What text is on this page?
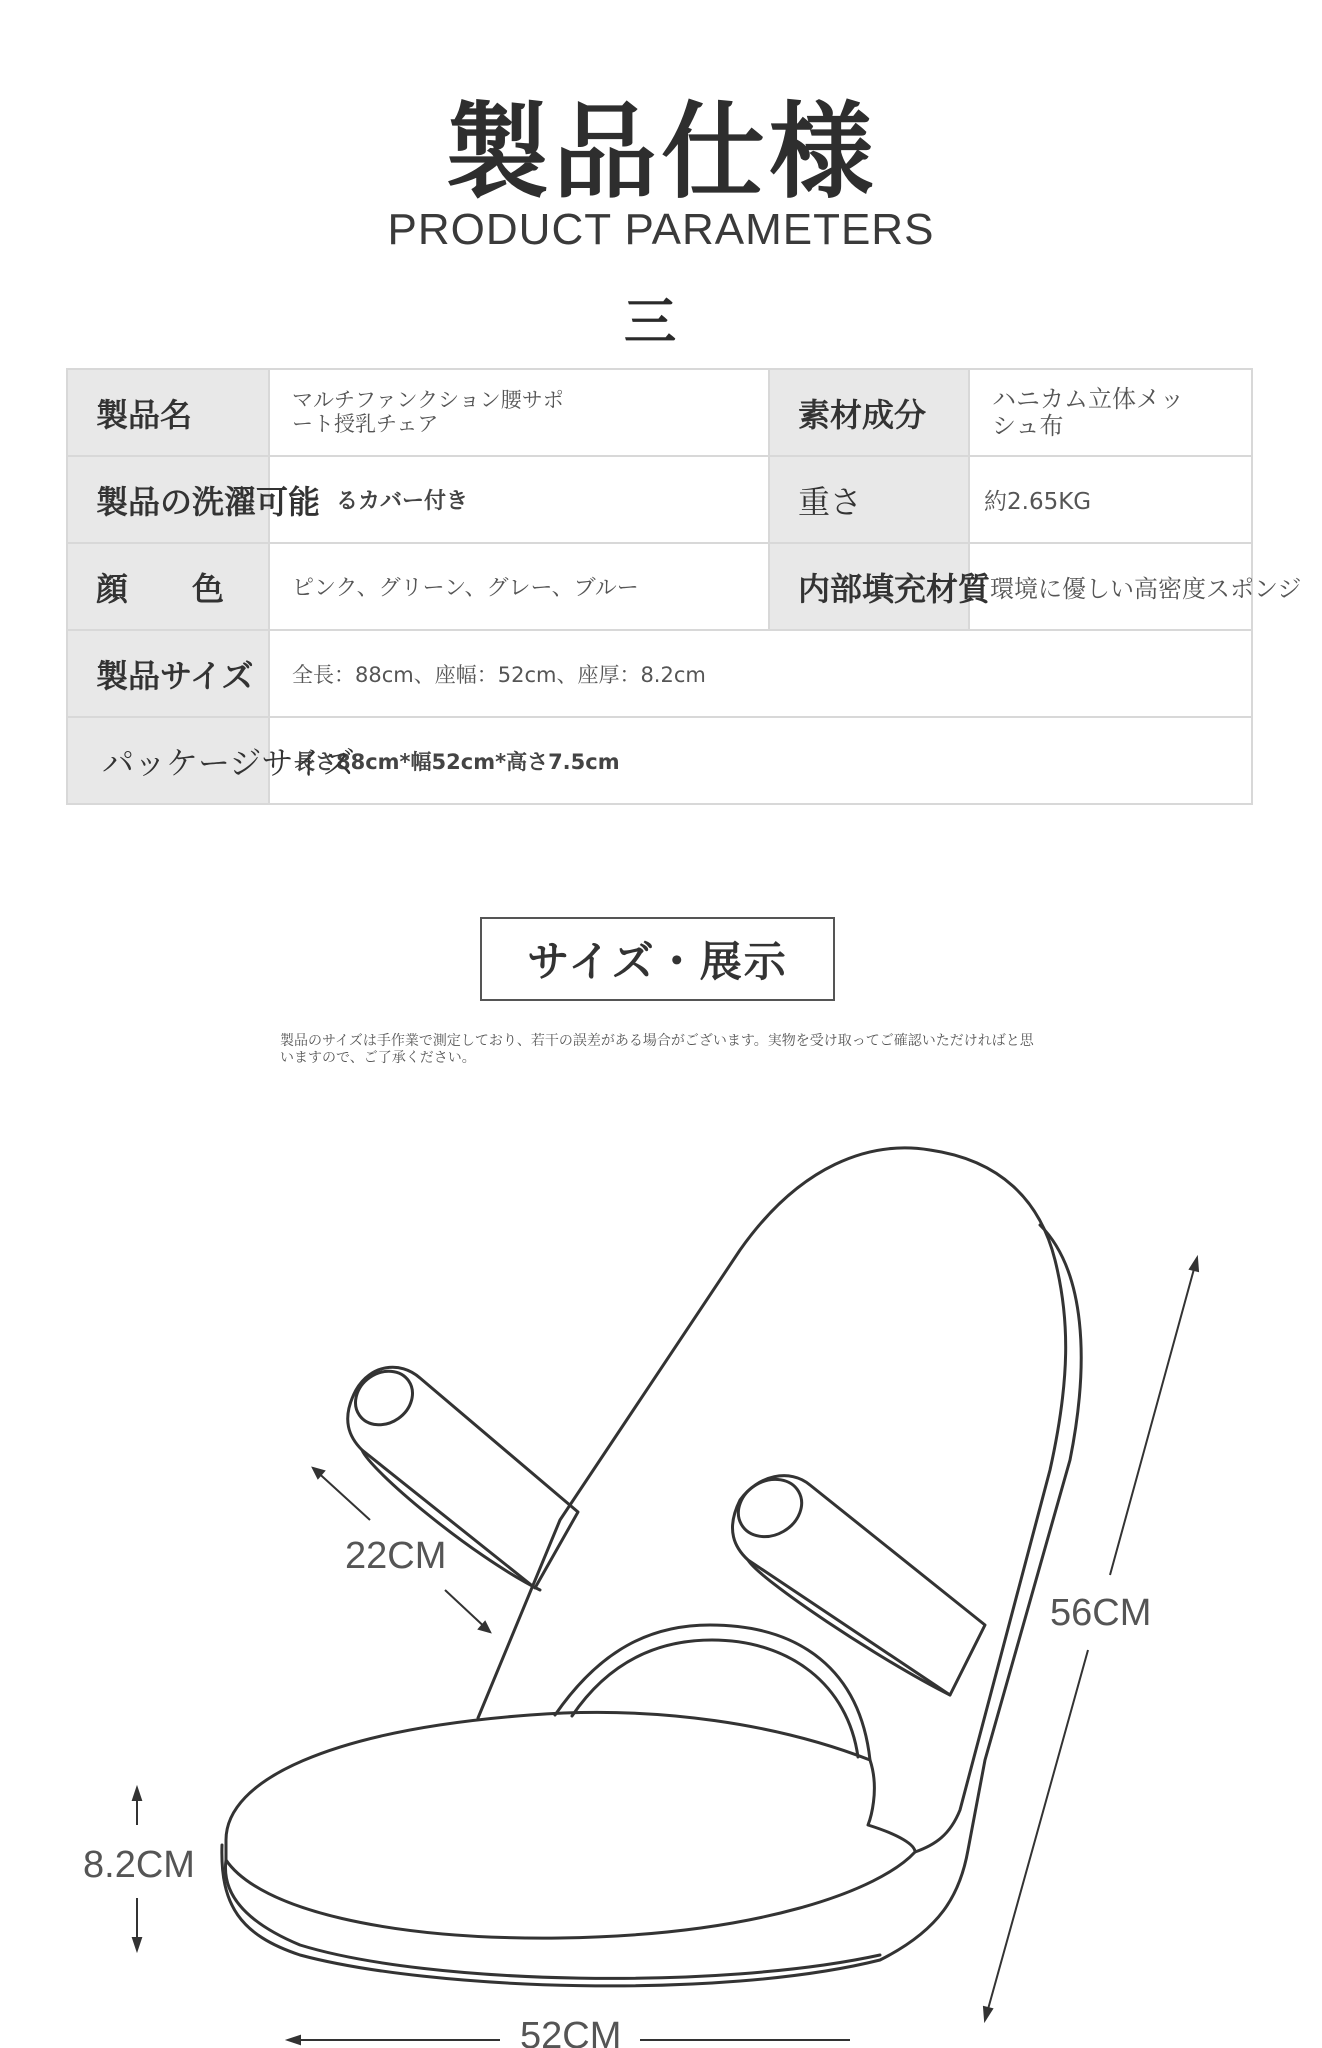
製品仕様
PRODUCT PARAMETERS
三
製品名	マルチファンクション腰サポート授乳チェア	素材成分	ハニカム立体メッシュ布
製品の洗濯可能	るカバー付き	重さ	約2.65KG
顔　　色	ピンク、グリーン、グレー、ブルー	内部填充材質	環境に優しい高密度スポンジ
製品サイズ	全長：88cm、座幅：52cm、座厚：8.2cm		
パッケージサイズ	長さ88cm*幅52cm*高さ7.5cm		
サイズ・展示
製品のサイズは手作業で測定しており、若干の誤差がある場合がございます。実物を受け取ってご確認いただければと思いますので、ご了承ください。
22CM
56CM
8.2CM
52CM
